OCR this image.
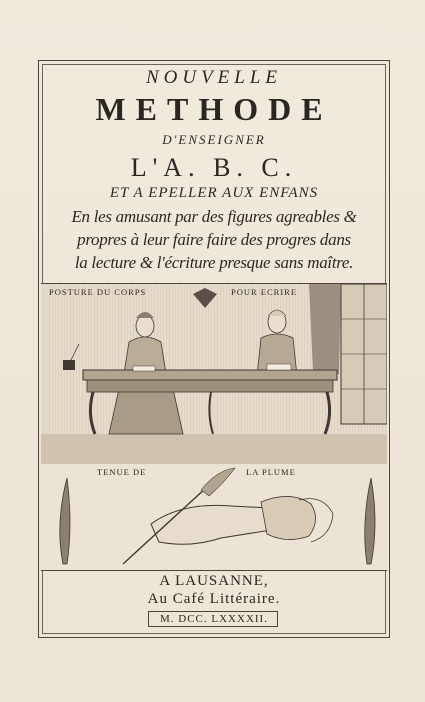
NOUVELLE

METHODE

D'ENSEIGNER

L'A. B. C.

ET A EPELLER AUX ENFANS

En les amusant par des figures agreables &

propres à leur faire faire des progres dans

la lecture & l'écriture presque sans maître.

POSTURE DU CORPS	POUR ECRIRE
TENUE DE	LA PLUME

A LAUSANNE,

Au Café Littéraire.

M. DCC. LXXXXII.
